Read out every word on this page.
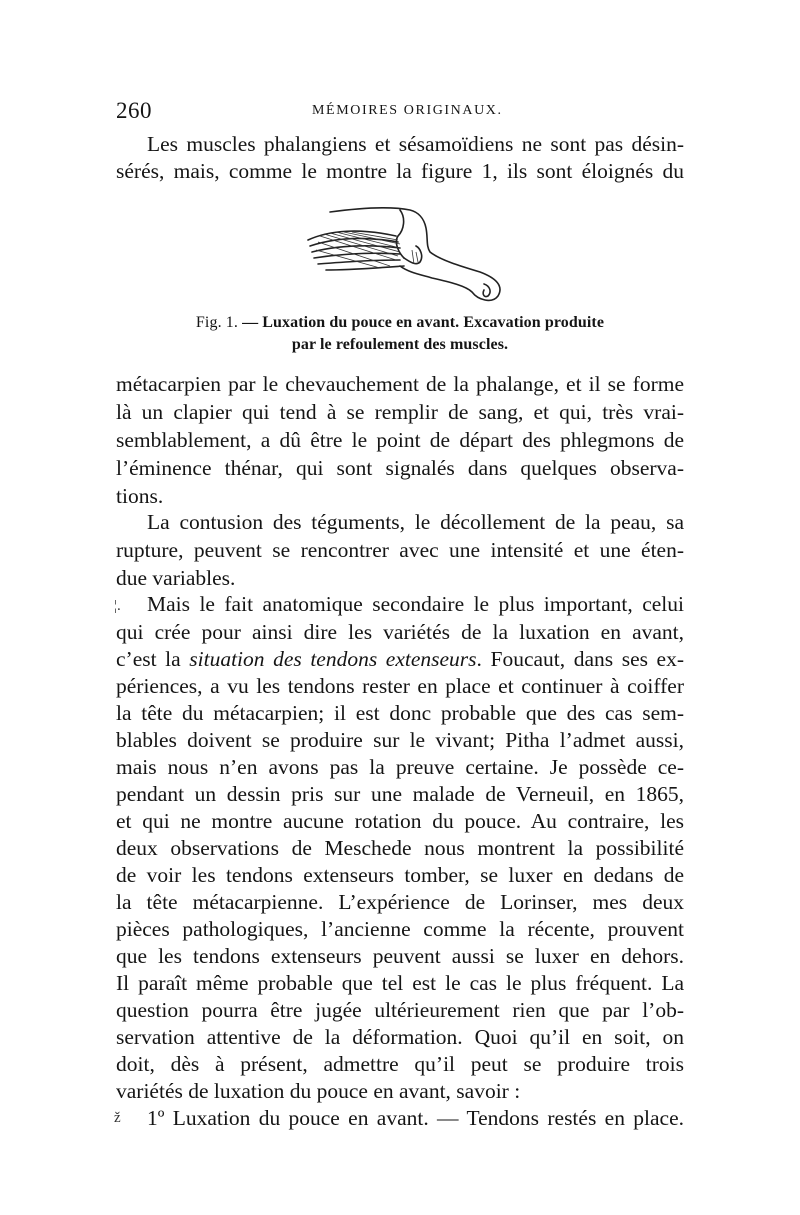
260	MÉMOIRES ORIGINAUX.
Les muscles phalangiens et sésamoïdiens ne sont pas désin-
sérés, mais, comme le montre la figure 1, ils sont éloignés du
Fig. 1. — Luxation du pouce en avant. Excavation produite
par le refoulement des muscles.
métacarpien par le chevauchement de la phalange, et il se forme
là un clapier qui tend à se remplir de sang, et qui, très vrai-
semblablement, a dû être le point de départ des phlegmons de
l’éminence thénar, qui sont signalés dans quelques observa-
tions.
La contusion des téguments, le décollement de la peau, sa
rupture, peuvent se rencontrer avec une intensité et une éten-
due variables.
¦. Mais le fait anatomique secondaire le plus important, celui
qui crée pour ainsi dire les variétés de la luxation en avant,
c’est la situation des tendons extenseurs. Foucaut, dans ses ex-
périences, a vu les tendons rester en place et continuer à coiffer
la tête du métacarpien; il est donc probable que des cas sem-
blables doivent se produire sur le vivant; Pitha l’admet aussi,
mais nous n’en avons pas la preuve certaine. Je possède ce-
pendant un dessin pris sur une malade de Verneuil, en 1865,
et qui ne montre aucune rotation du pouce. Au contraire, les
deux observations de Meschede nous montrent la possibilité
de voir les tendons extenseurs tomber, se luxer en dedans de
la tête métacarpienne. L’expérience de Lorinser, mes deux
pièces pathologiques, l’ancienne comme la récente, prouvent
que les tendons extenseurs peuvent aussi se luxer en dehors.
Il paraît même probable que tel est le cas le plus fréquent. La
question pourra être jugée ultérieurement rien que par l’ob-
servation attentive de la déformation. Quoi qu’il en soit, on
doit, dès à présent, admettre qu’il peut se produire trois
variétés de luxation du pouce en avant, savoir :
ž 1º Luxation du pouce en avant. — Tendons restés en place.
